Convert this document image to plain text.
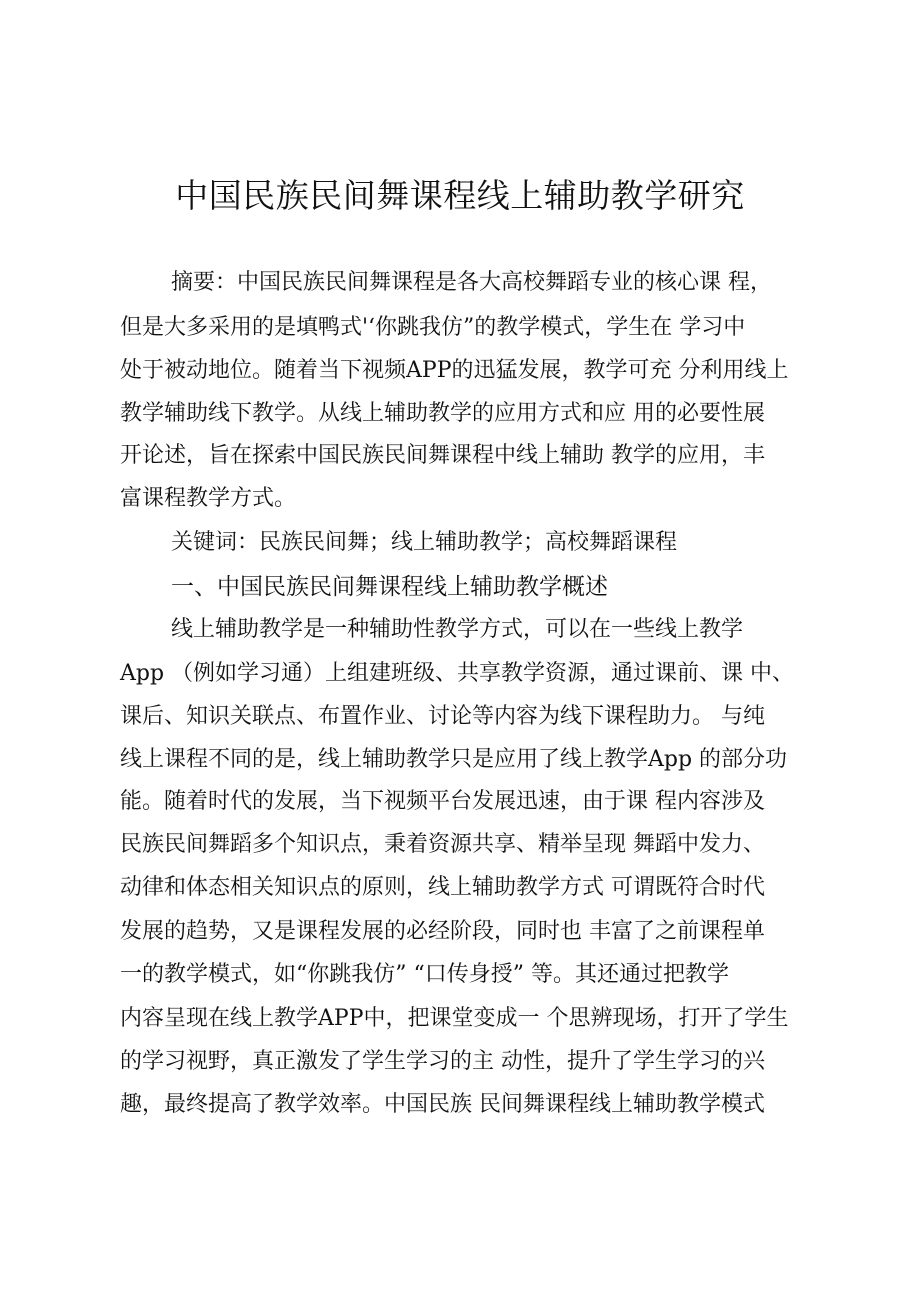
中国民族民间舞课程线上辅助教学研究
摘要：中国民族民间舞课程是各大高校舞蹈专业的核心课 程，
但是大多采用的是填鸭式'‘你跳我仿”的教学模式，学生在 学习中
处于被动地位。随着当下视频APP的迅猛发展，教学可充 分利用线上
教学辅助线下教学。从线上辅助教学的应用方式和应 用的必要性展
开论述，旨在探索中国民族民间舞课程中线上辅助 教学的应用，丰
富课程教学方式。
关键词：民族民间舞；线上辅助教学；高校舞蹈课程
一、中国民族民间舞课程线上辅助教学概述
线上辅助教学是一种辅助性教学方式，可以在一些线上教学
App （例如学习通）上组建班级、共享教学资源，通过课前、课 中、
课后、知识关联点、布置作业、讨论等内容为线下课程助力。 与纯
线上课程不同的是，线上辅助教学只是应用了线上教学App 的部分功
能。随着时代的发展，当下视频平台发展迅速，由于课 程内容涉及
民族民间舞蹈多个知识点，秉着资源共享、精举呈现 舞蹈中发力、
动律和体态相关知识点的原则，线上辅助教学方式 可谓既符合时代
发展的趋势，又是课程发展的必经阶段，同时也 丰富了之前课程单
一的教学模式，如“你跳我仿” “口传身授” 等。其还通过把教学
内容呈现在线上教学APP中，把课堂变成一 个思辨现场，打开了学生
的学习视野，真正激发了学生学习的主 动性，提升了学生学习的兴
趣，最终提高了教学效率。中国民族 民间舞课程线上辅助教学模式
